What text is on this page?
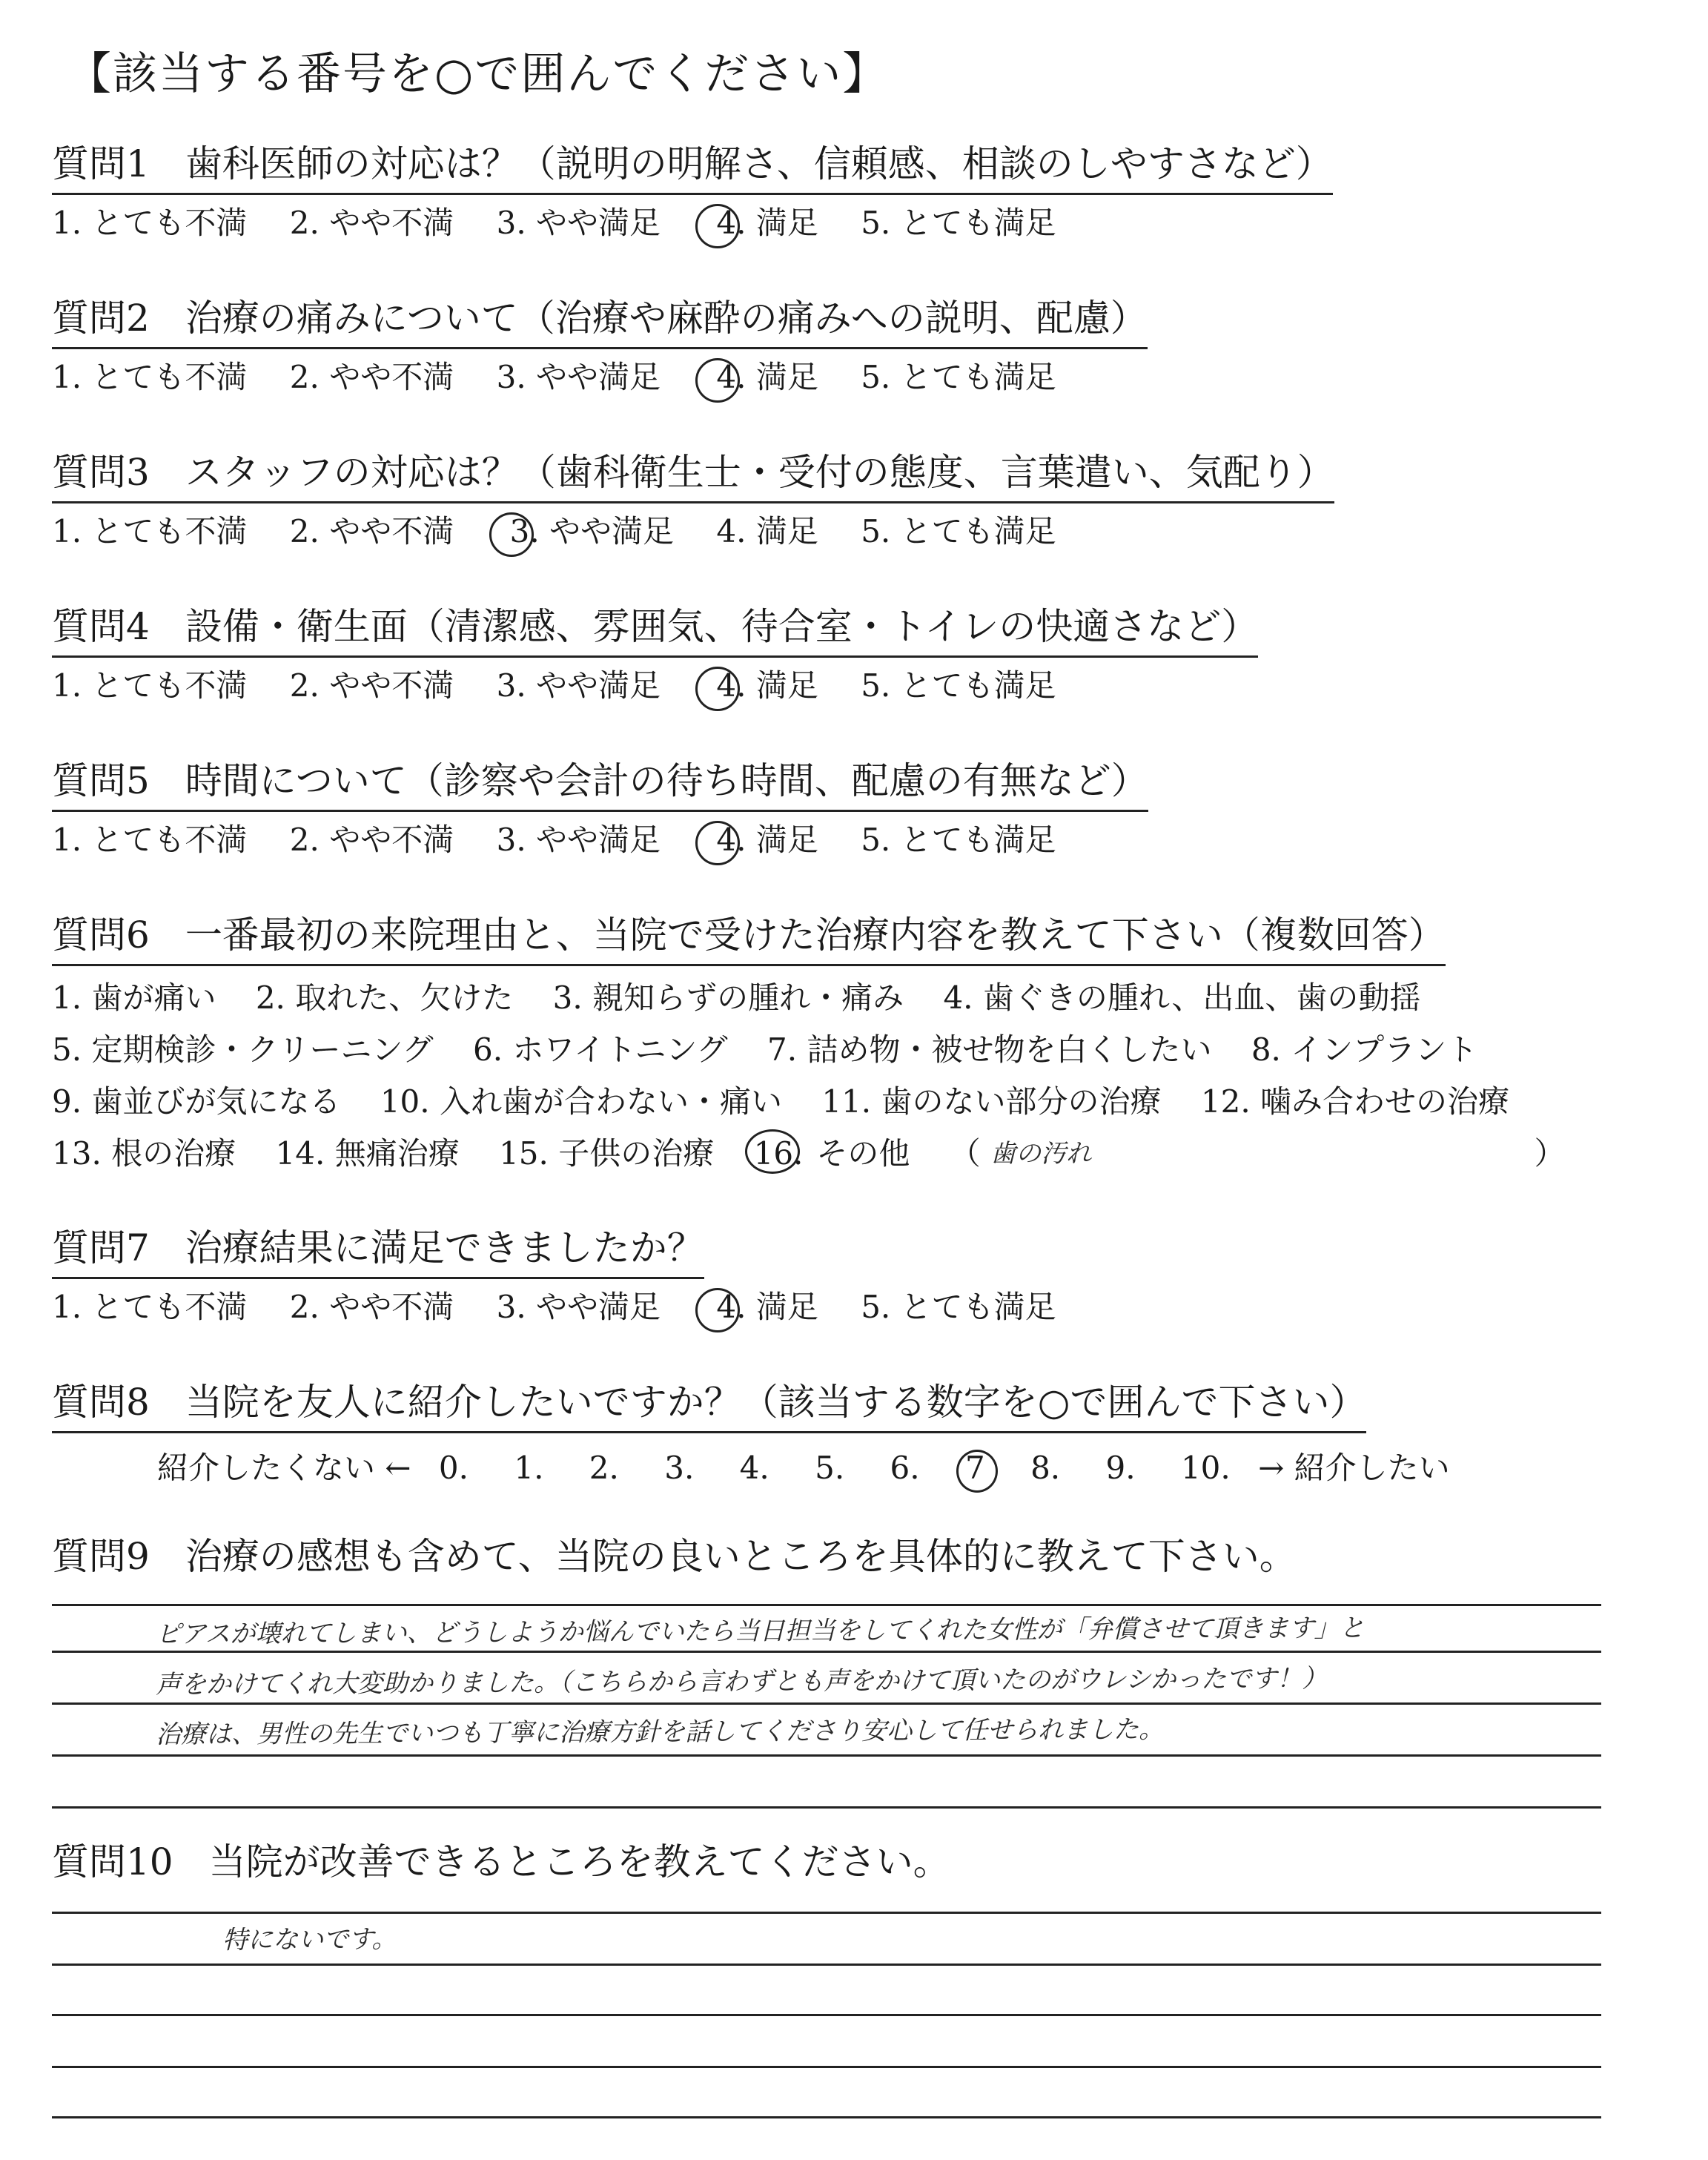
【該当する番号を○で囲んでください】
質問1 歯科医師の対応は？（説明の明解さ、信頼感、相談のしやすさなど）
1. とても不満 2. やや不満 3. やや満足 4. 満足 5. とても満足
質問2 治療の痛みについて（治療や麻酔の痛みへの説明、配慮）
1. とても不満 2. やや不満 3. やや満足 4. 満足 5. とても満足
質問3 スタッフの対応は？（歯科衛生士・受付の態度、言葉遣い、気配り）
1. とても不満 2. やや不満 3. やや満足 4. 満足 5. とても満足
質問4 設備・衛生面（清潔感、雰囲気、待合室・トイレの快適さなど）
1. とても不満 2. やや不満 3. やや満足 4. 満足 5. とても満足
質問5 時間について（診察や会計の待ち時間、配慮の有無など）
1. とても不満 2. やや不満 3. やや満足 4. 満足 5. とても満足
質問6 一番最初の来院理由と、当院で受けた治療内容を教えて下さい（複数回答）
1. 歯が痛い 2. 取れた、欠けた 3. 親知らずの腫れ・痛み 4. 歯ぐきの腫れ、出血、歯の動揺
5. 定期検診・クリーニング 6. ホワイトニング 7. 詰め物・被せ物を白くしたい 8. インプラント
9. 歯並びが気になる 10. 入れ歯が合わない・痛い 11. 歯のない部分の治療 12. 噛み合わせの治療
13. 根の治療 14. 無痛治療 15. 子供の治療 16. その他 （ 歯の汚れ	）
質問7 治療結果に満足できましたか？
1. とても不満 2. やや不満 3. やや満足 4. 満足 5. とても満足
質問8 当院を友人に紹介したいですか？（該当する数字を○で囲んで下さい）
紹介したくない ← 0. 1. 2. 3. 4. 5. 6. 7 8. 9. 10. → 紹介したい
質問9 治療の感想も含めて、当院の良いところを具体的に教えて下さい。
ピアスが壊れてしまい、どうしようか悩んでいたら当日担当をしてくれた女性が「弁償させて頂きます」と
声をかけてくれ大変助かりました。（こちらから言わずとも声をかけて頂いたのがウレシかったです！）
治療は、男性の先生でいつも丁寧に治療方針を話してくださり安心して任せられました。
質問10 当院が改善できるところを教えてください。
特にないです。
